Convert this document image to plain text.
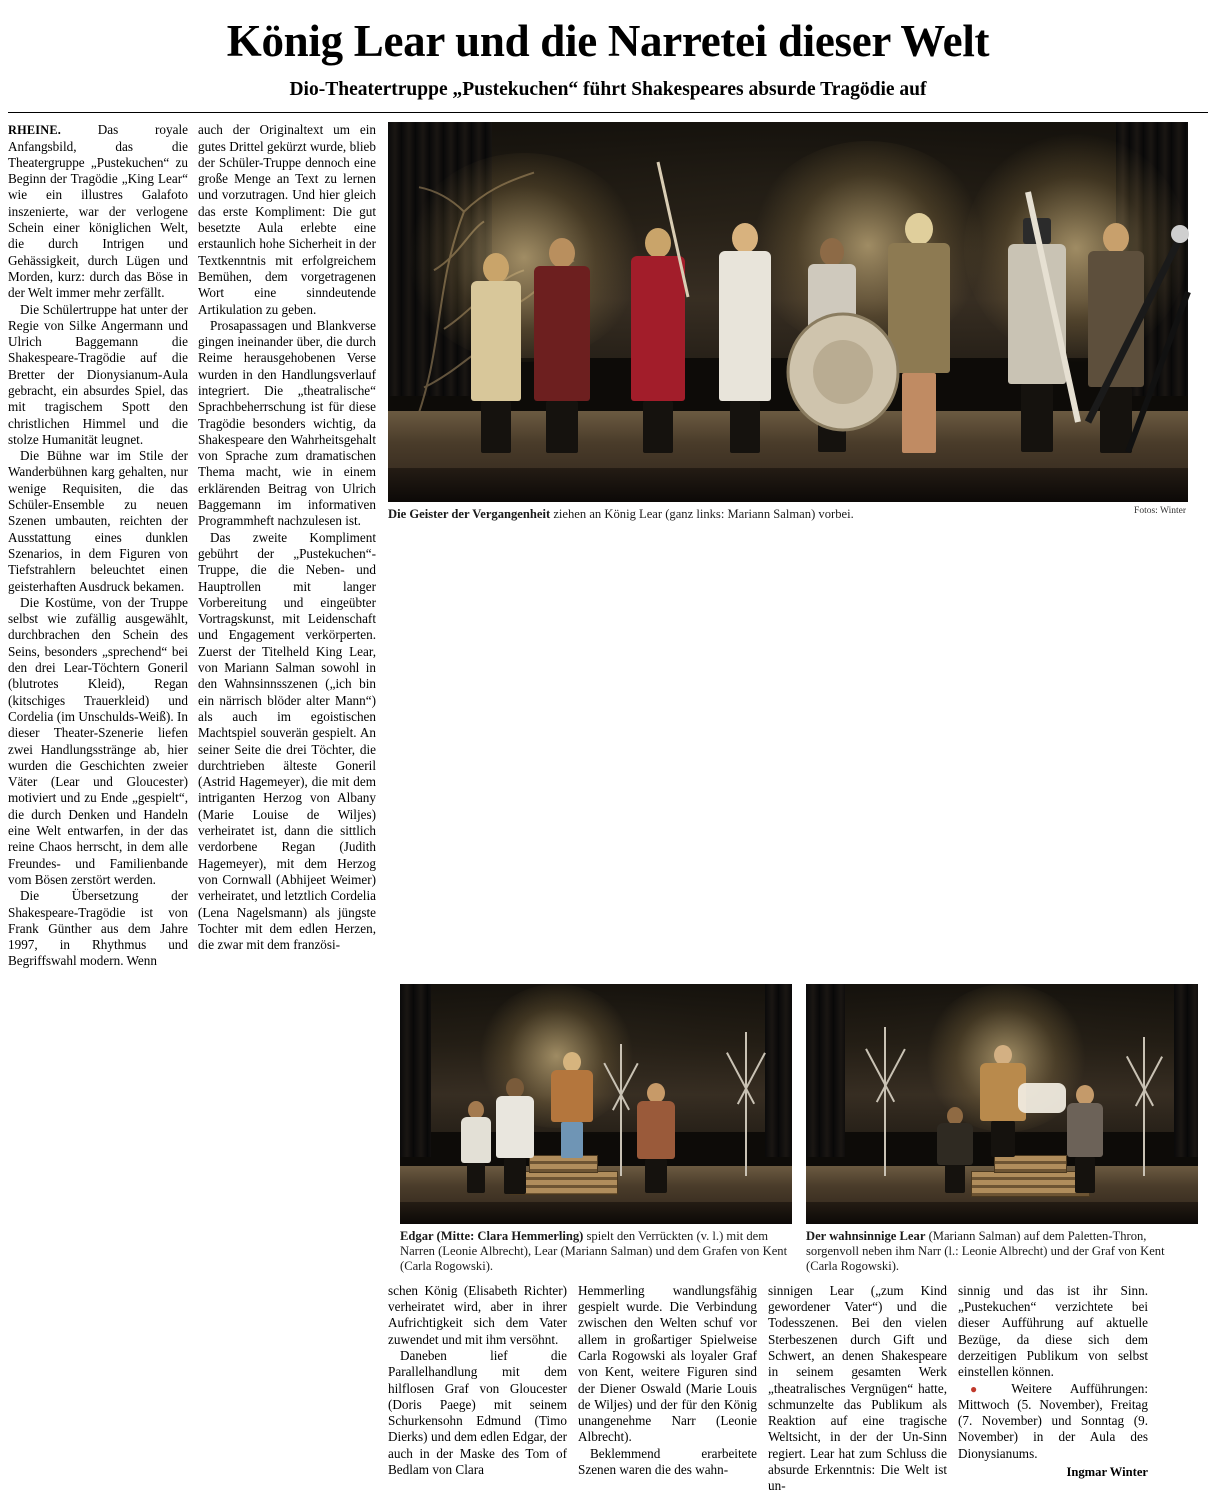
König Lear und die Narretei dieser Welt
Dio-Theatertruppe „Pustekuchen“ führt Shakespeares absurde Tragödie auf

RHEINE.	Das royale Anfangsbild, das die Theatergruppe „Pustekuchen“ zu Beginn der Tragödie „King Lear“ wie ein illustres Galafoto inszenierte, war der verlogene Schein einer königlichen Welt, die durch Intrigen und Gehässigkeit, durch Lügen und Morden, kurz: durch das Böse in der Welt immer mehr zerfällt.

Die Schülertruppe hat unter der Regie von Silke Angermann und Ulrich Baggemann die Shakespeare-Tragödie auf die Bretter der Dionysianum-Aula gebracht, ein absurdes Spiel, das mit tragischem Spott den christlichen Himmel und die stolze Humanität leugnet.

Die Bühne war im Stile der Wanderbühnen karg gehalten, nur wenige Requisiten, die das Schüler-Ensemble zu neuen Szenen umbauten, reichten der Ausstattung eines dunklen Szenarios, in dem Figuren von Tiefstrahlern beleuchtet einen geisterhaften Ausdruck bekamen.

Die Kostüme, von der Truppe selbst wie zufällig ausgewählt, durchbrachen den Schein des Seins, besonders „sprechend“ bei den drei Lear-Töchtern Goneril (blutrotes Kleid), Regan (kitschiges Trauerkleid) und Cordelia (im Unschulds-Weiß). In dieser Theater-Szenerie liefen zwei Handlungsstränge ab, hier wurden die Geschichten zweier Väter (Lear und Gloucester) motiviert und zu Ende „gespielt“, die durch Denken und Handeln eine Welt entwarfen, in der das reine Chaos herrscht, in dem alle Freundes- und Familienbande vom Bösen zerstört werden.

Die Übersetzung der Shakespeare-Tragödie ist von Frank Günther aus dem Jahre 1997, in Rhythmus und Begriffswahl modern. Wenn

auch der Originaltext um ein gutes Drittel gekürzt wurde, blieb der Schüler-Truppe dennoch eine große Menge an Text zu lernen und vorzutragen. Und hier gleich das erste Kompliment: Die gut besetzte Aula erlebte eine erstaunlich hohe Sicherheit in der Textkenntnis mit erfolgreichem Bemühen, dem vorgetragenen Wort eine sinndeutende Artikulation zu geben.

Prosapassagen und Blankverse gingen ineinander über, die durch Reime herausgehobenen Verse wurden in den Handlungsverlauf integriert. Die „theatralische“ Sprachbeherrschung ist für diese Tragödie besonders wichtig, da Shakespeare den Wahrheitsgehalt von Sprache zum dramatischen Thema macht, wie in einem erklärenden Beitrag von Ulrich Baggemann im informativen Programmheft nachzulesen ist.

Das zweite Kompliment gebührt der „Pustekuchen“-Truppe, die die Neben- und Hauptrollen mit langer Vorbereitung und eingeübter Vortragskunst, mit Leidenschaft und Engagement verkörperten. Zuerst der Titelheld King Lear, von Mariann Salman sowohl in den Wahnsinnsszenen („ich bin ein närrisch blöder alter Mann“) als auch im egoistischen Machtspiel souverän gespielt. An seiner Seite die drei Töchter, die durchtrieben älteste Goneril (Astrid Hagemeyer), die mit dem intriganten Herzog von Albany (Marie Louise de Wiljes) verheiratet ist, dann die sittlich verdorbene Regan (Judith Hagemeyer), mit dem Herzog von Cornwall (Abhijeet Weimer) verheiratet, und letztlich Cordelia (Lena Nagelsmann) als jüngste Tochter mit dem edlen Herzen, die zwar mit dem französi-

Fotos: Winter
Die Geister der Vergangenheit ziehen an König Lear (ganz links: Mariann Salman) vorbei.
Edgar (Mitte: Clara Hemmerling) spielt den Verrückten (v. l.) mit dem Narren (Leonie Albrecht), Lear (Mariann Salman) und dem Grafen von Kent (Carla Rogowski).
Der wahnsinnige Lear (Mariann Salman) auf dem Paletten-Thron, sorgenvoll neben ihm Narr (l.: Leonie Albrecht) und der Graf von Kent (Carla Rogowski).

schen König (Elisabeth Richter) verheiratet wird, aber in ihrer Aufrichtigkeit sich dem Vater zuwendet und mit ihm versöhnt.

Daneben lief die Parallelhandlung mit dem hilflosen Graf von Gloucester (Doris Paege) mit seinem Schurkensohn Edmund (Timo Dierks) und dem edlen Edgar, der auch in der Maske des Tom of Bedlam von Clara

Hemmerling wandlungsfähig gespielt wurde. Die Verbindung zwischen den Welten schuf vor allem in großartiger Spielweise Carla Rogowski als loyaler Graf von Kent, weitere Figuren sind der Diener Oswald (Marie Louis de Wiljes) und der für den König unangenehme Narr (Leonie Albrecht).

Beklemmend erarbeitete Szenen waren die des wahn-

sinnigen Lear („zum Kind gewordener Vater“) und die Todesszenen. Bei den vielen Sterbeszenen durch Gift und Schwert, an denen Shakespeare in seinem gesamten Werk „theatralisches Vergnügen“ hatte, schmunzelte das Publikum als Reaktion auf eine tragische Weltsicht, in der der Un-Sinn regiert. Lear hat zum Schluss die absurde Erkenntnis: Die Welt ist un-

sinnig und das ist ihr Sinn. „Pustekuchen“ verzichtete bei dieser Aufführung auf aktuelle Bezüge, da diese sich dem derzeitigen Publikum von selbst einstellen können.

● Weitere Aufführungen: Mittwoch (5. November), Freitag (7. November) und Sonntag (9. November) in der Aula des Dionysianums.

Ingmar Winter
